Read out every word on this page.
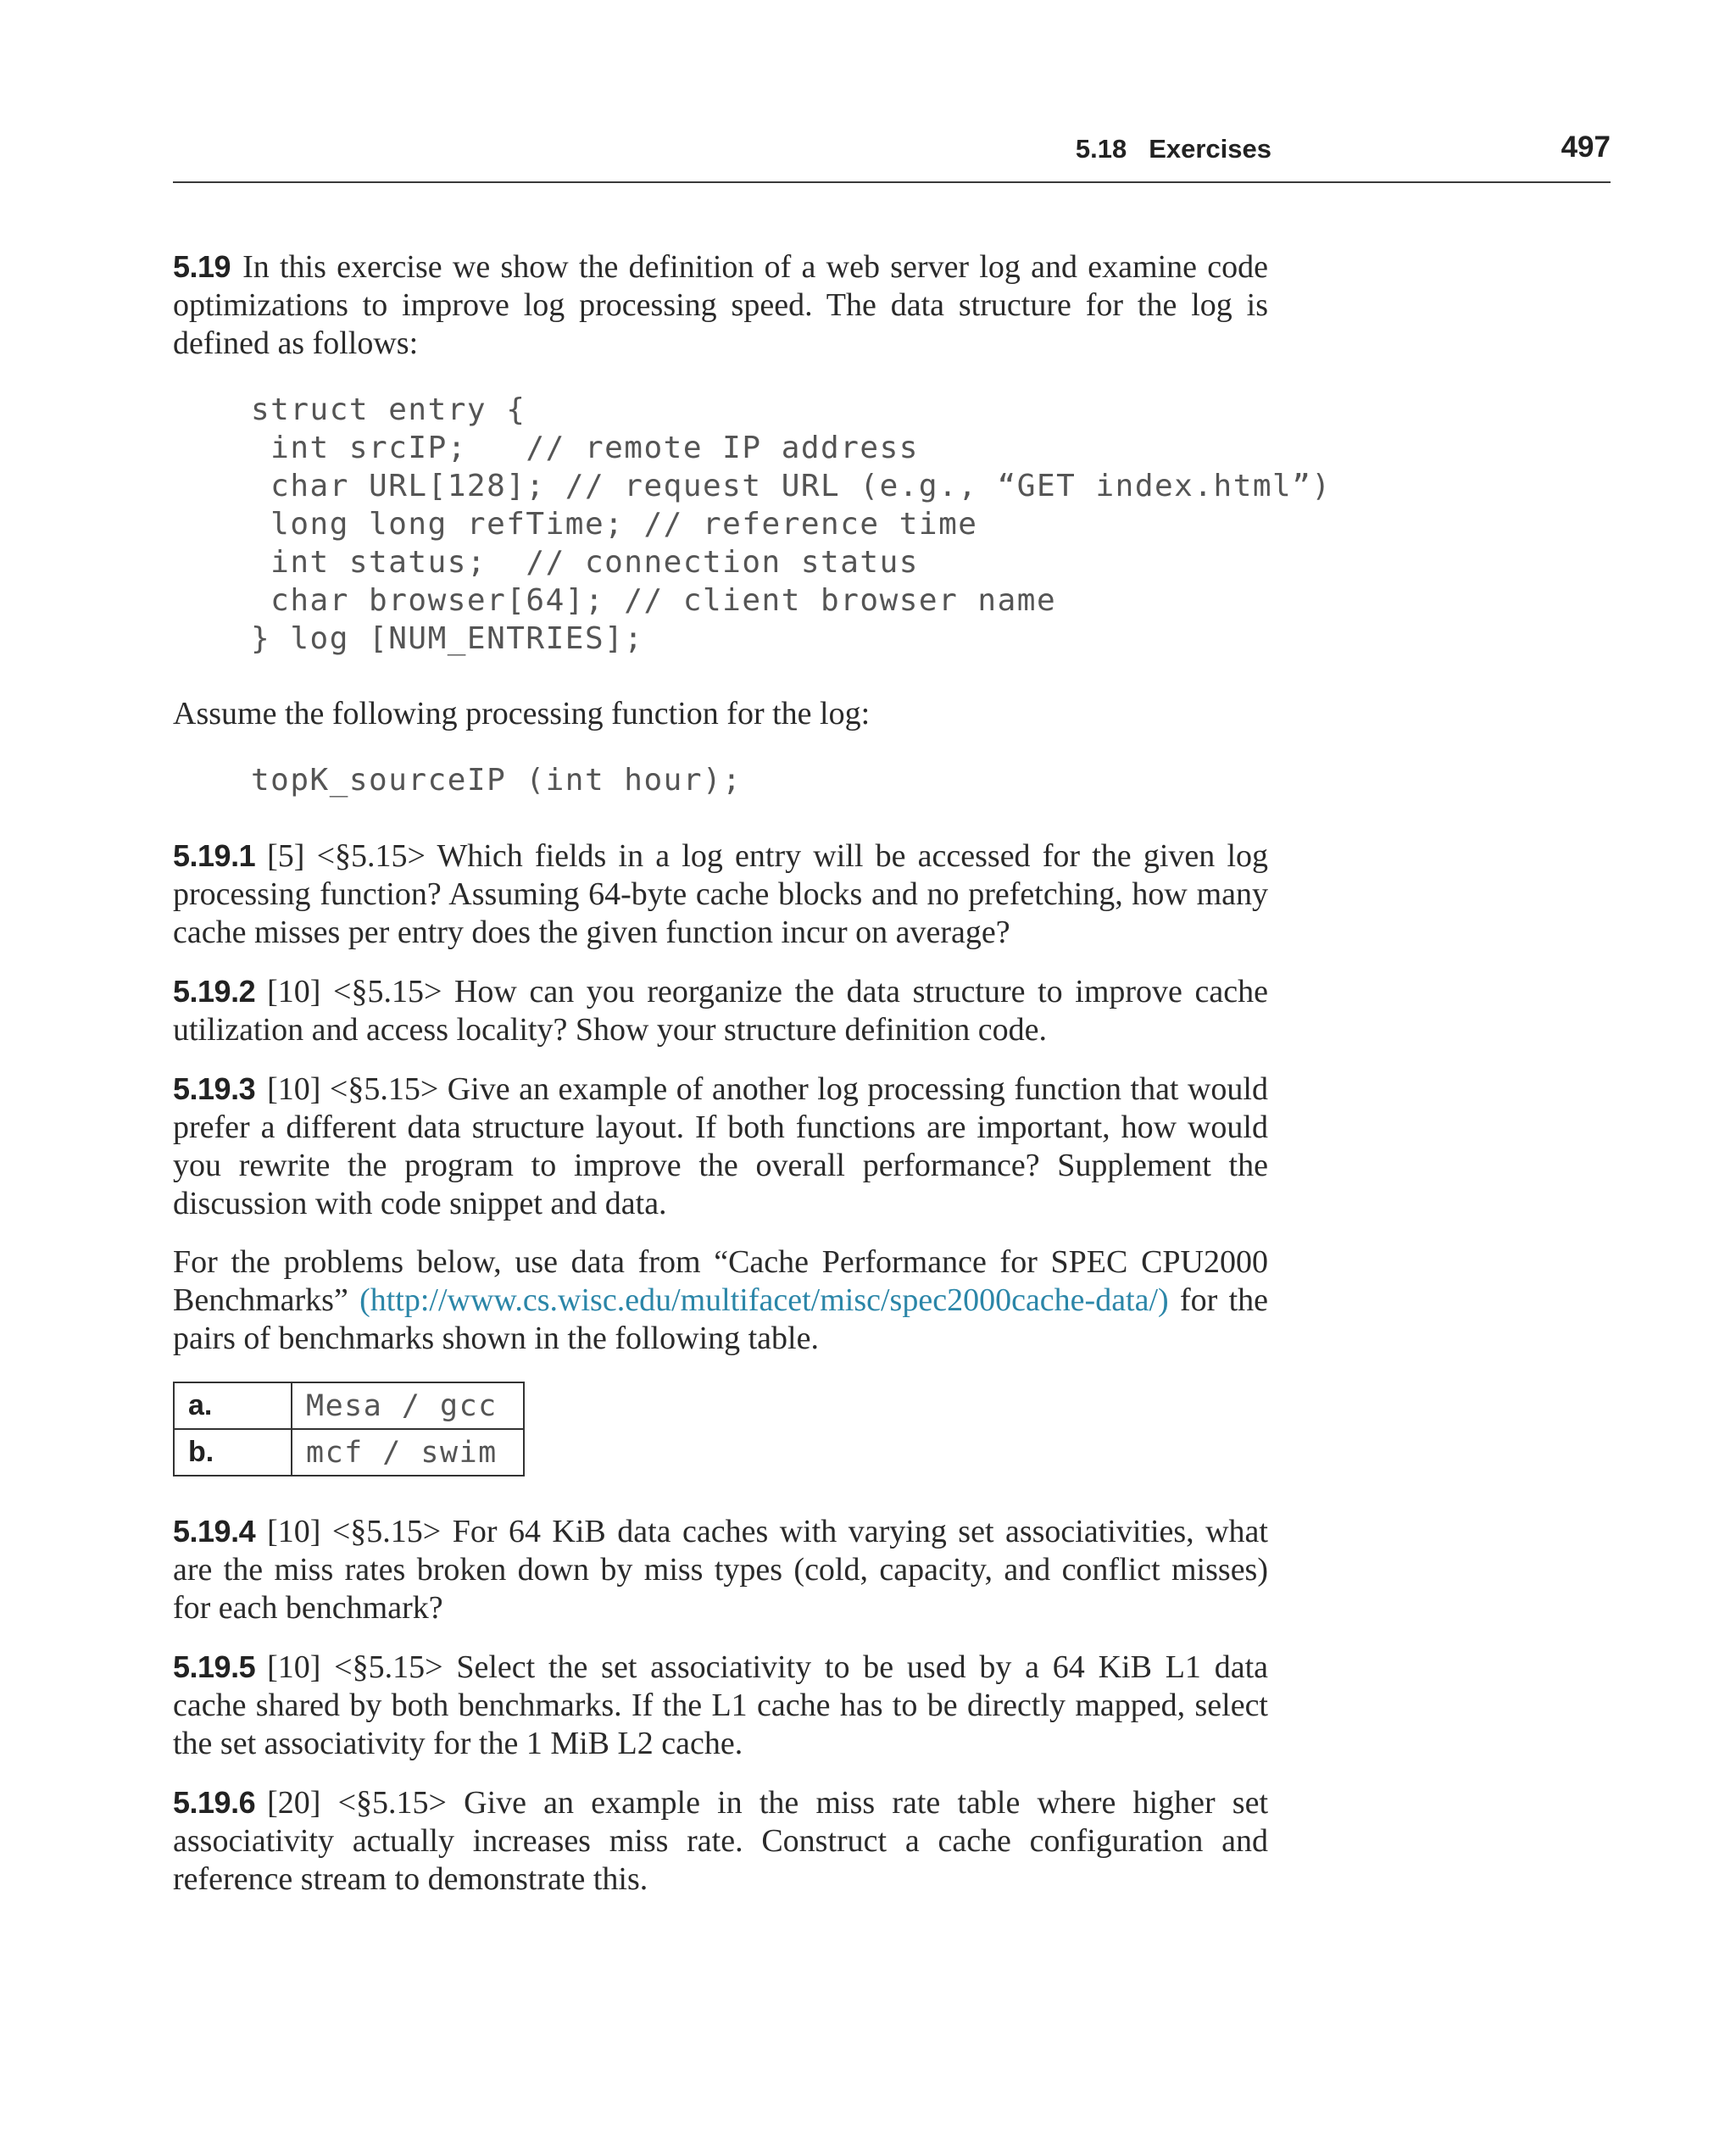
5.18 Exercises	497

5.19 In this exercise we show the definition of a web server log and examine code optimizations to improve log processing speed. The data structure for the log is defined as follows:

struct entry {
int srcIP;   // remote IP address
char URL[128]; // request URL (e.g., “GET index.html”)
long long refTime; // reference time
int status;  // connection status
char browser[64]; // client browser name
} log [NUM_ENTRIES];

Assume the following processing function for the log:

topK_sourceIP (int hour);

5.19.1 [5] <§5.15> Which fields in a log entry will be accessed for the given log processing function? Assuming 64-byte cache blocks and no prefetching, how many cache misses per entry does the given function incur on average?

5.19.2 [10] <§5.15> How can you reorganize the data structure to improve cache utilization and access locality? Show your structure definition code.

5.19.3 [10] <§5.15> Give an example of another log processing function that would prefer a different data structure layout. If both functions are important, how would you rewrite the program to improve the overall performance? Supplement the discussion with code snippet and data.

For the problems below, use data from “Cache Performance for SPEC CPU2000 Benchmarks” (http://www.cs.wisc.edu/multifacet/misc/spec2000cache-data/) for the pairs of benchmarks shown in the following table.

a.	Mesa / gcc
b.	mcf / swim

5.19.4 [10] <§5.15> For 64 KiB data caches with varying set associativities, what are the miss rates broken down by miss types (cold, capacity, and conflict misses) for each benchmark?

5.19.5 [10] <§5.15> Select the set associativity to be used by a 64 KiB L1 data cache shared by both benchmarks. If the L1 cache has to be directly mapped, select the set associativity for the 1 MiB L2 cache.

5.19.6 [20] <§5.15> Give an example in the miss rate table where higher set associativity actually increases miss rate. Construct a cache configuration and reference stream to demonstrate this.
